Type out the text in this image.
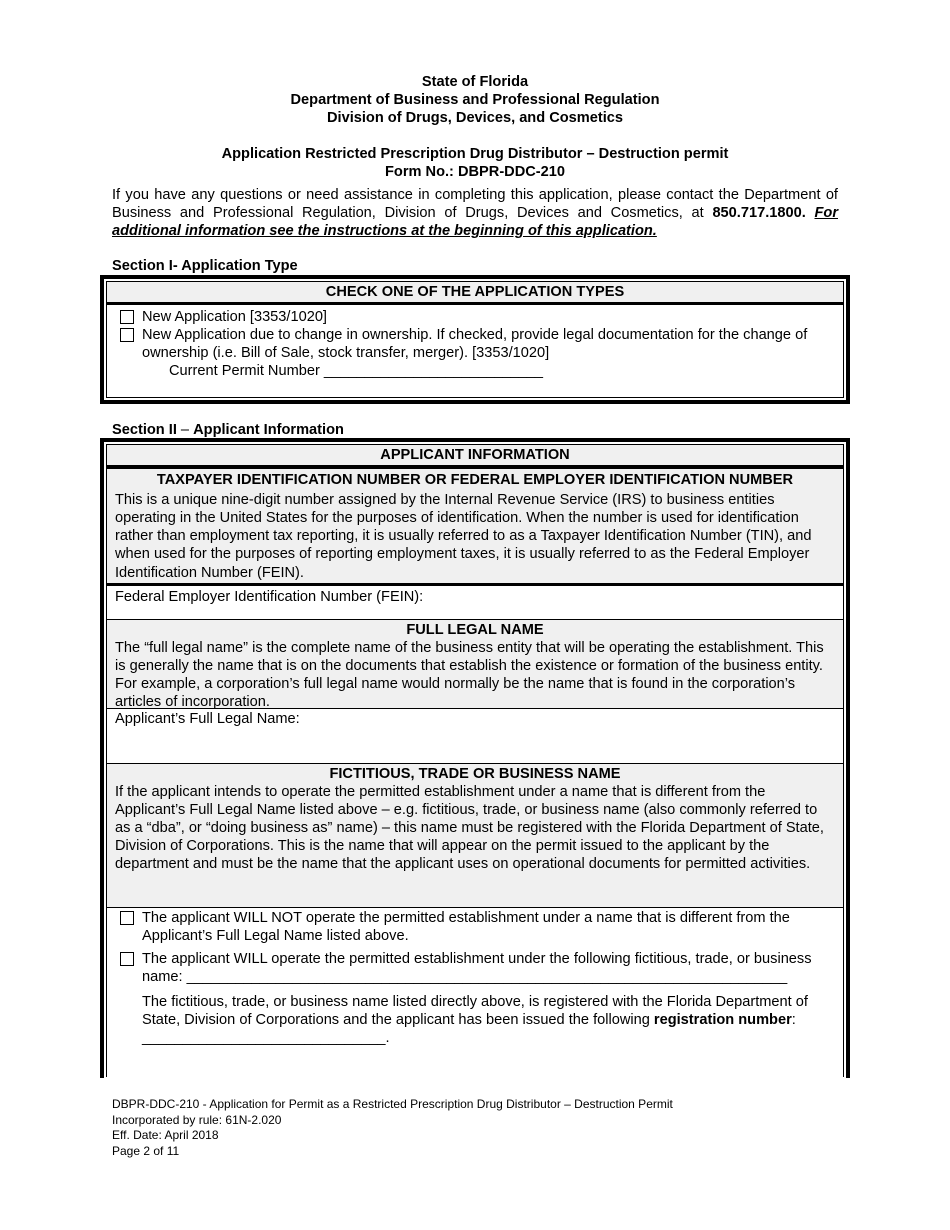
State of Florida
Department of Business and Professional Regulation
Division of Drugs, Devices, and Cosmetics
Application Restricted Prescription Drug Distributor – Destruction permit
Form No.: DBPR-DDC-210
If you have any questions or need assistance in completing this application, please contact the Department of Business and Professional Regulation, Division of Drugs, Devices and Cosmetics, at 850.717.1800. For additional information see the instructions at the beginning of this application.
Section I- Application Type
CHECK ONE OF THE APPLICATION TYPES
New Application [3353/1020]
New Application due to change in ownership. If checked, provide legal documentation for the change of ownership (i.e. Bill of Sale, stock transfer, merger). [3353/1020]
Current Permit Number ___________________________
Section II – Applicant Information
APPLICANT INFORMATION
TAXPAYER IDENTIFICATION NUMBER OR FEDERAL EMPLOYER IDENTIFICATION NUMBER
This is a unique nine-digit number assigned by the Internal Revenue Service (IRS) to business entities operating in the United States for the purposes of identification. When the number is used for identification rather than employment tax reporting, it is usually referred to as a Taxpayer Identification Number (TIN), and when used for the purposes of reporting employment taxes, it is usually referred to as the Federal Employer Identification Number (FEIN).
Federal Employer Identification Number (FEIN):
FULL LEGAL NAME
The “full legal name” is the complete name of the business entity that will be operating the establishment. This is generally the name that is on the documents that establish the existence or formation of the business entity. For example, a corporation’s full legal name would normally be the name that is found in the corporation’s articles of incorporation.
Applicant’s Full Legal Name:
FICTITIOUS, TRADE OR BUSINESS NAME
If the applicant intends to operate the permitted establishment under a name that is different from the Applicant’s Full Legal Name listed above – e.g. fictitious, trade, or business name (also commonly referred to as a “dba”, or “doing business as” name) – this name must be registered with the Florida Department of State, Division of Corporations. This is the name that will appear on the permit issued to the applicant by the department and must be the name that the applicant uses on operational documents for permitted activities.
The applicant WILL NOT operate the permitted establishment under a name that is different from the Applicant’s Full Legal Name listed above.
The applicant WILL operate the permitted establishment under the following fictitious, trade, or business name: __________________________________________________________________________
The fictitious, trade, or business name listed directly above, is registered with the Florida Department of State, Division of Corporations and the applicant has been issued the following registration number: ______________________________.
DBPR-DDC-210 - Application for Permit as a Restricted Prescription Drug Distributor – Destruction Permit
Incorporated by rule: 61N-2.020
Eff. Date: April 2018
Page 2 of 11
